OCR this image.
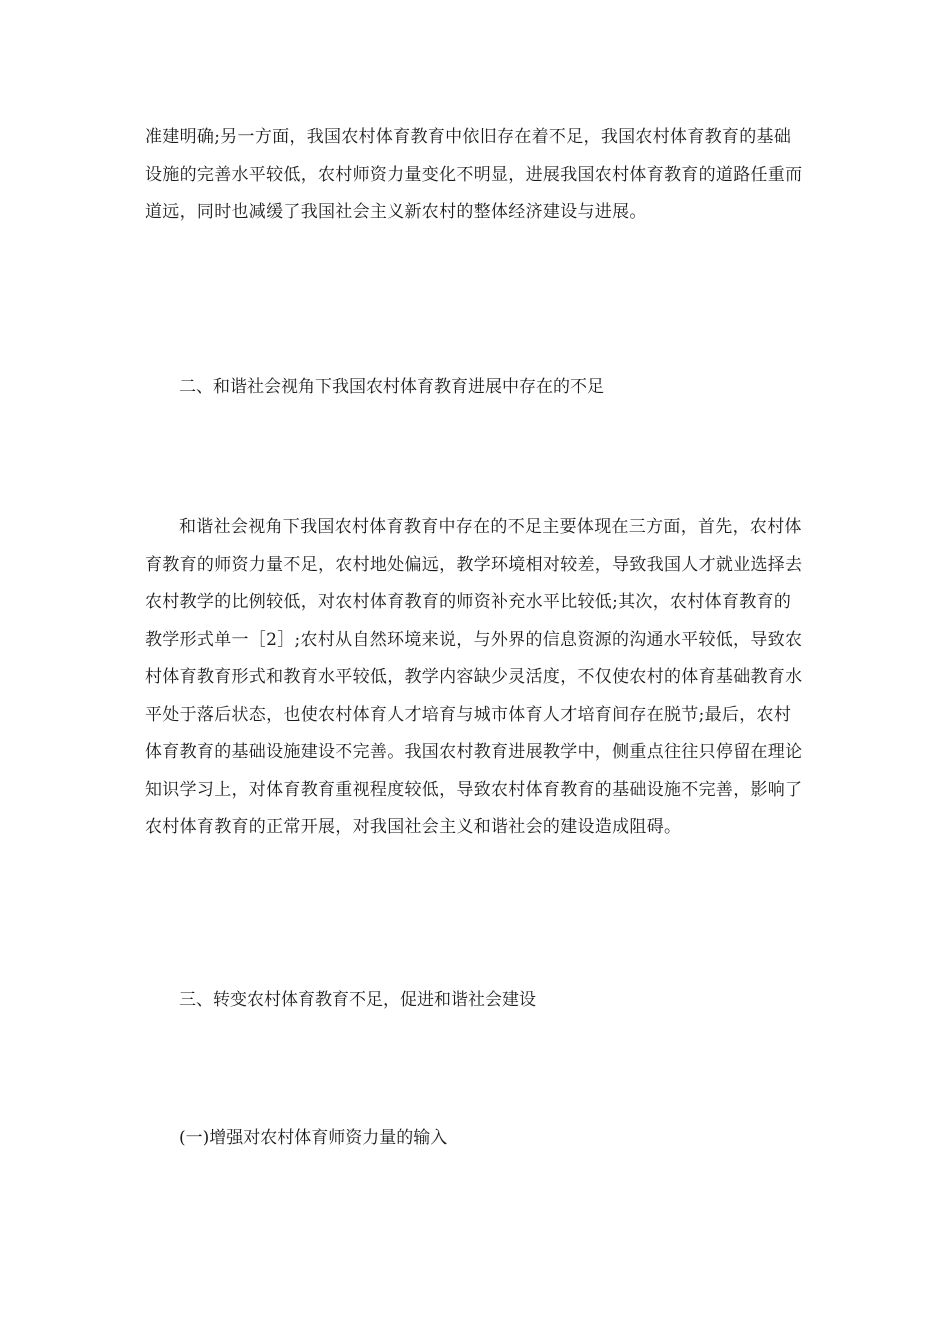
准建明确;另一方面，我国农村体育教育中依旧存在着不足，我国农村体育教育的基础设施的完善水平较低，农村师资力量变化不明显，进展我国农村体育教育的道路任重而道远，同时也减缓了我国社会主义新农村的整体经济建设与进展。

二、和谐社会视角下我国农村体育教育进展中存在的不足

和谐社会视角下我国农村体育教育中存在的不足主要体现在三方面，首先，农村体育教育的师资力量不足，农村地处偏远，教学环境相对较差，导致我国人才就业选择去农村教学的比例较低，对农村体育教育的师资补充水平比较低;其次，农村体育教育的教学形式单一［2］;农村从自然环境来说，与外界的信息资源的沟通水平较低，导致农村体育教育形式和教育水平较低，教学内容缺少灵活度，不仅使农村的体育基础教育水平处于落后状态，也使农村体育人才培育与城市体育人才培育间存在脱节;最后，农村体育教育的基础设施建设不完善。我国农村教育进展教学中，侧重点往往只停留在理论知识学习上，对体育教育重视程度较低，导致农村体育教育的基础设施不完善，影响了农村体育教育的正常开展，对我国社会主义和谐社会的建设造成阻碍。

三、转变农村体育教育不足，促进和谐社会建设

(一)增强对农村体育师资力量的输入
